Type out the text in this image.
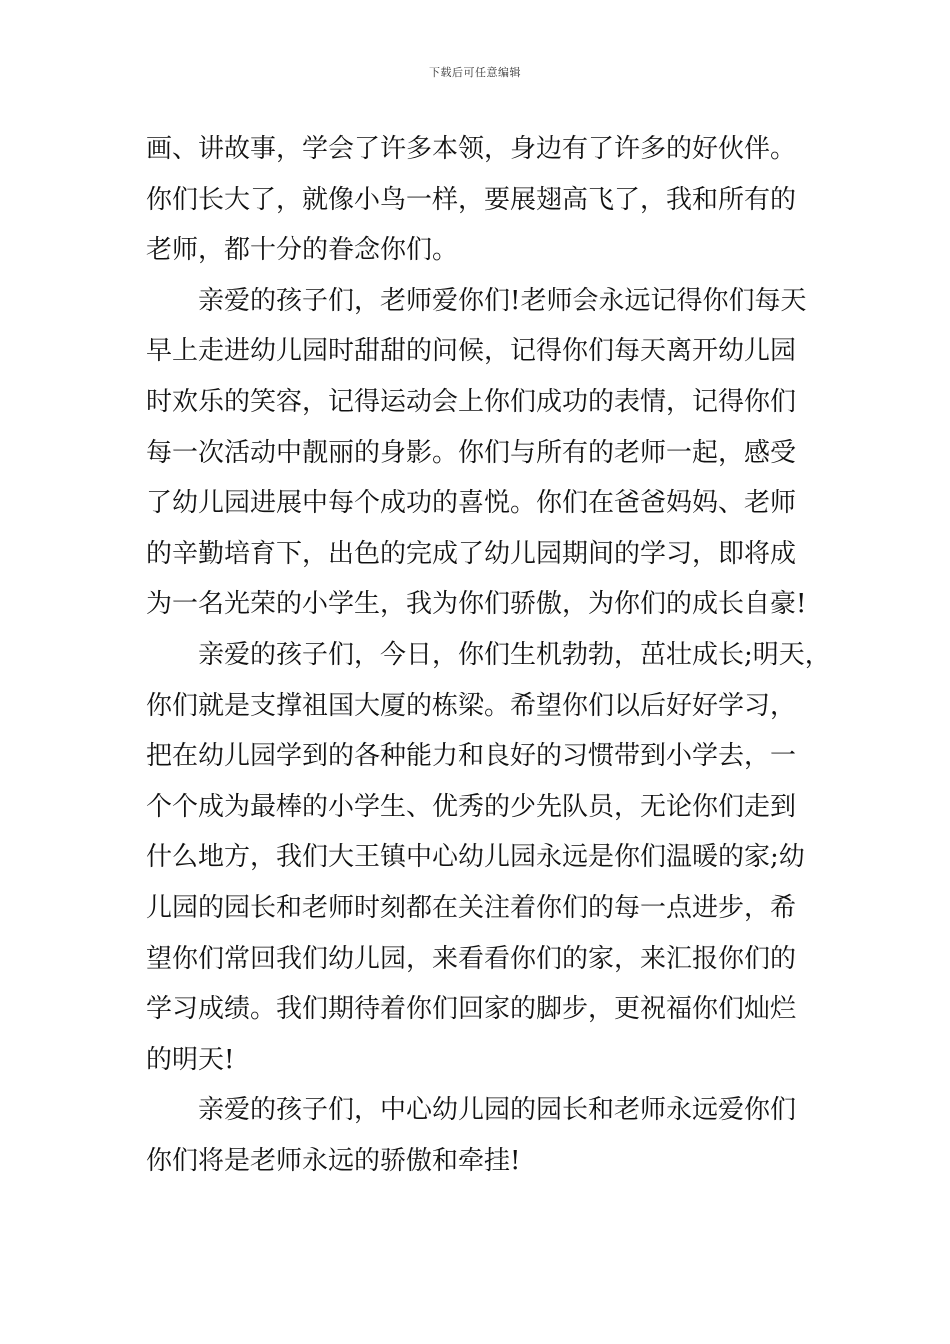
下载后可任意编辑
画、讲故事，学会了许多本领，身边有了许多的好伙伴。
你们长大了，就像小鸟一样，要展翅高飞了，我和所有的
老师，都十分的眷念你们。
亲爱的孩子们，老师爱你们!老师会永远记得你们每天
早上走进幼儿园时甜甜的问候，记得你们每天离开幼儿园
时欢乐的笑容，记得运动会上你们成功的表情，记得你们
每一次活动中靓丽的身影。你们与所有的老师一起，感受
了幼儿园进展中每个成功的喜悦。你们在爸爸妈妈、老师
的辛勤培育下，出色的完成了幼儿园期间的学习，即将成
为一名光荣的小学生，我为你们骄傲，为你们的成长自豪!
亲爱的孩子们，今日，你们生机勃勃，茁壮成长;明天，
你们就是支撑祖国大厦的栋梁。希望你们以后好好学习，
把在幼儿园学到的各种能力和良好的习惯带到小学去，一
个个成为最棒的小学生、优秀的少先队员，无论你们走到
什么地方，我们大王镇中心幼儿园永远是你们温暖的家;幼
儿园的园长和老师时刻都在关注着你们的每一点进步，希
望你们常回我们幼儿园，来看看你们的家，来汇报你们的
学习成绩。我们期待着你们回家的脚步，更祝福你们灿烂
的明天!
亲爱的孩子们，中心幼儿园的园长和老师永远爱你们
你们将是老师永远的骄傲和牵挂!
